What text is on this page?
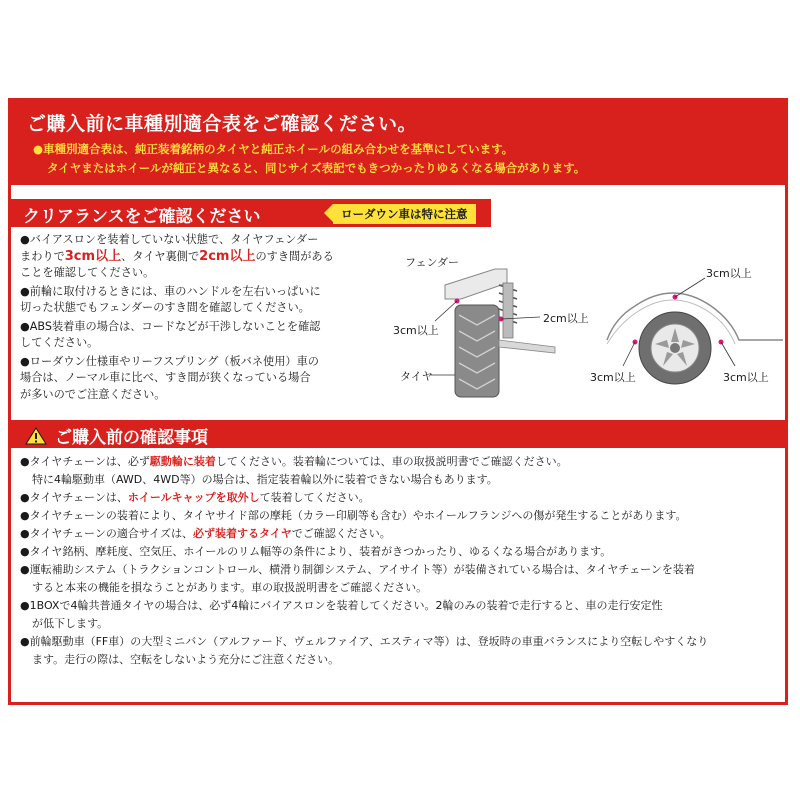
ご購入前に車種別適合表をご確認ください。
●車種別適合表は、純正装着銘柄のタイヤと純正ホイールの組み合わせを基準にしています。
タイヤまたはホイールが純正と異なると、同じサイズ表記でもきつかったりゆるくなる場合があります。
クリアランスをご確認ください	ローダウン車は特に注意
●バイアスロンを装着していない状態で、タイヤフェンダー
まわりで3cm以上、タイヤ裏側で2cm以上のすき間がある
ことを確認してください。
●前輪に取付けるときには、車のハンドルを左右いっぱいに
切った状態でもフェンダーのすき間を確認してください。
●ABS装着車の場合は、コードなどが干渉しないことを確認
してください。
●ローダウン仕様車やリーフスプリング（板バネ使用）車の
場合は、ノーマル車に比べ、すき間が狭くなっている場合
が多いのでご注意ください。
フェンダー
3cm以上
2cm以上
タイヤ
3cm以上
3cm以上	3cm以上
ご購入前の確認事項
●タイヤチェーンは、必ず駆動輪に装着してください。装着輪については、車の取扱説明書でご確認ください。
特に4輪駆動車（AWD、4WD等）の場合は、指定装着輪以外に装着できない場合もあります。
●タイヤチェーンは、ホイールキャップを取外して装着してください。
●タイヤチェーンの装着により、タイヤサイド部の摩耗（カラー印刷等も含む）やホイールフランジへの傷が発生することがあります。
●タイヤチェーンの適合サイズは、必ず装着するタイヤでご確認ください。
●タイヤ銘柄、摩耗度、空気圧、ホイールのリム幅等の条件により、装着がきつかったり、ゆるくなる場合があります。
●運転補助システム（トラクションコントロール、横滑り制御システム、アイサイト等）が装備されている場合は、タイヤチェーンを装着
すると本来の機能を損なうことがあります。車の取扱説明書をご確認ください。
●1BOXで4輪共普通タイヤの場合は、必ず4輪にバイアスロンを装着してください。2輪のみの装着で走行すると、車の走行安定性
が低下します。
●前輪駆動車（FF車）の大型ミニバン（アルファード、ヴェルファイア、エスティマ等）は、登坂時の車重バランスにより空転しやすくなり
ます。走行の際は、空転をしないよう充分にご注意ください。
